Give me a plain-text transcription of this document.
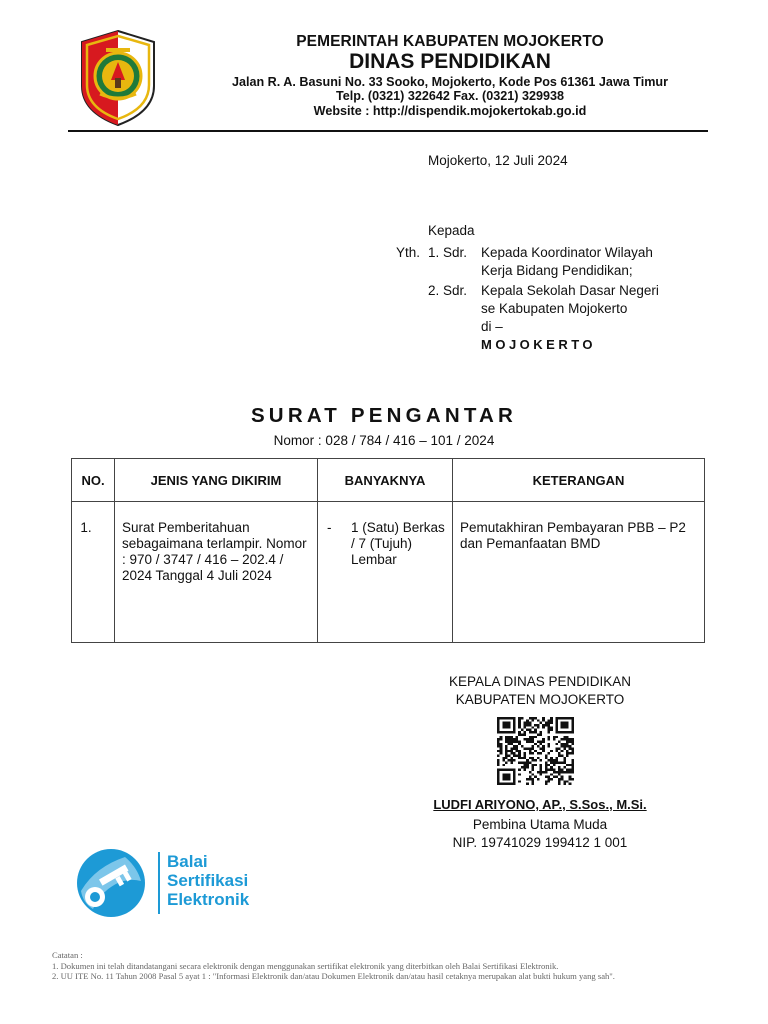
PEMERINTAH KABUPATEN MOJOKERTO
DINAS PENDIDIKAN
Jalan R. A. Basuni No. 33 Sooko, Mojokerto, Kode Pos 61361 Jawa Timur
Telp. (0321) 322642 Fax. (0321) 329938
Website : http://dispendik.mojokertokab.go.id
Mojokerto, 12 Juli 2024
Kepada
Yth. 1. Sdr. Kepada Koordinator Wilayah
Kerja Bidang Pendidikan;
2. Sdr. Kepala Sekolah Dasar Negeri
se Kabupaten Mojokerto
di –
MOJOKERTO
SURAT PENGANTAR
Nomor : 028 / 784 / 416 – 101 / 2024
NO.	JENIS YANG DIKIRIM	BANYAKNYA	KETERANGAN
1.	Surat Pemberitahuan sebagaimana terlampir. Nomor : 970 / 3747 / 416 – 202.4 / 2024 Tanggal 4 Juli 2024	- 1 (Satu) Berkas / 7 (Tujuh) Lembar	Pemutakhiran Pembayaran PBB – P2 dan Pemanfaatan BMD
KEPALA DINAS PENDIDIKAN
KABUPATEN MOJOKERTO
LUDFI ARIYONO, AP., S.Sos., M.Si.
Pembina Utama Muda
NIP. 19741029 199412 1 001
Balai
Sertifikasi
Elektronik
Catatan :
1. Dokumen ini telah ditandatangani secara elektronik dengan menggunakan sertifikat elektronik yang diterbitkan oleh Balai Sertifikasi Elektronik.
2. UU ITE No. 11 Tahun 2008 Pasal 5 ayat 1 : "Informasi Elektronik dan/atau Dokumen Elektronik dan/atau hasil cetaknya merupakan alat bukti hukum yang sah".
